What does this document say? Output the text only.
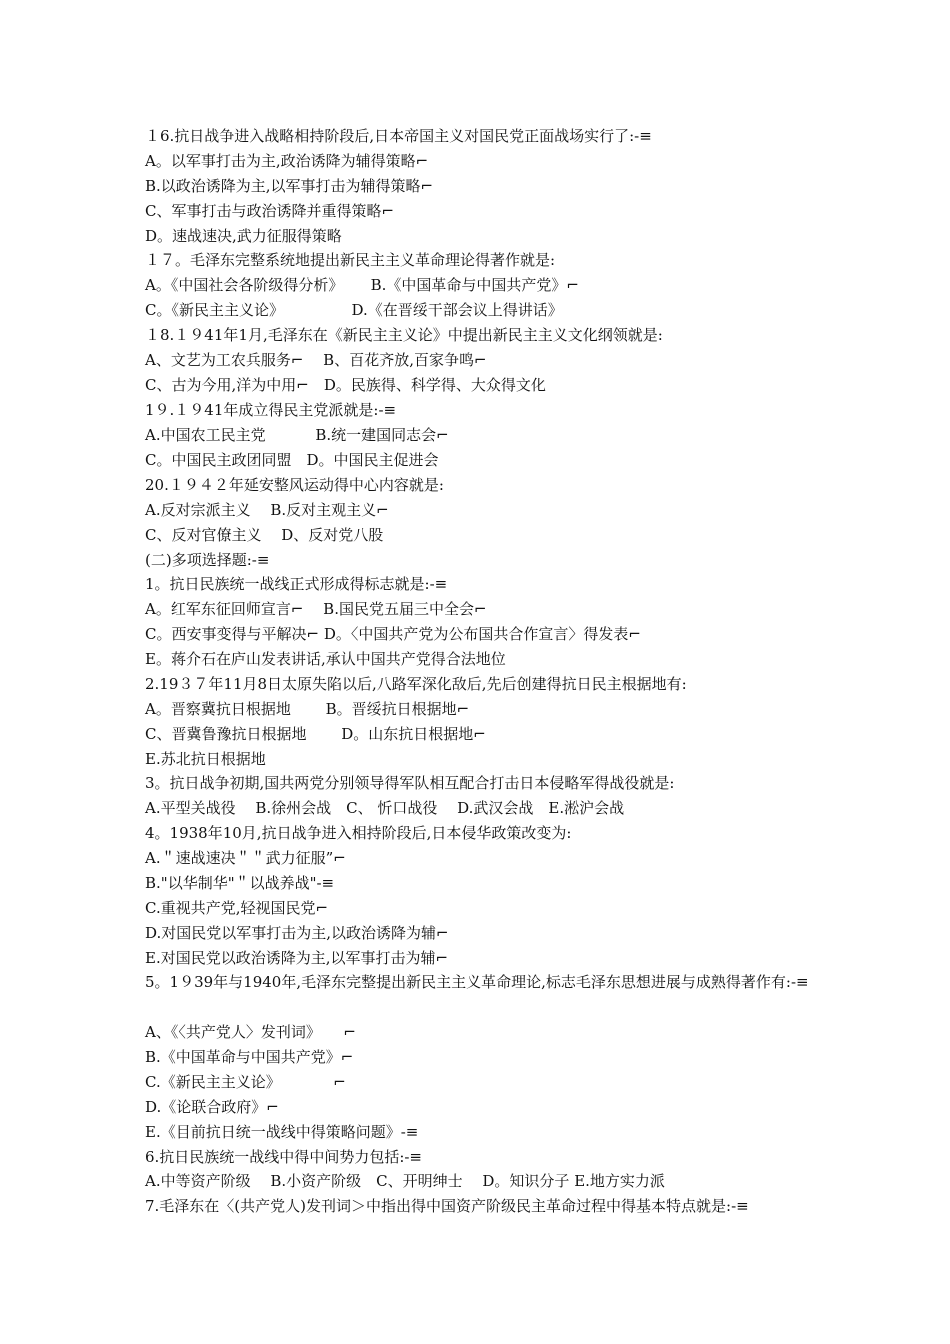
１6.抗日战争进入战略相持阶段后,日本帝国主义对国民党正面战场实行了:-≡
A。以军事打击为主,政治诱降为辅得策略⌐
B.以政治诱降为主,以军事打击为辅得策略⌐
C、军事打击与政治诱降并重得策略⌐
D。速战速决,武力征服得策略
１７。毛泽东完整系统地提出新民主主义革命理论得著作就是:
A。《中国社会各阶级得分析》　　 B.《中国革命与中国共产党》⌐
C。《新民主主义论》　　　　　D.《在晋绥干部会议上得讲话》
１8.１９41年1月,毛泽东在《新民主主义论》中提出新民主主义文化纲领就是:
A、文艺为工农兵服务⌐　 B、百花齐放,百家争鸣⌐
C、古为今用,洋为中用⌐　D。民族得、科学得、大众得文化
1９.１９41年成立得民主党派就是:-≡
A.中国农工民主党　　　 B.统一建国同志会⌐
C。中国民主政团同盟　D。中国民主促进会
20.１９４２年延安整风运动得中心内容就是:
A.反对宗派主义　 B.反对主观主义⌐
C、反对官僚主义　 D、反对党八股
(二)多项选择题:-≡
1。抗日民族统一战线正式形成得标志就是:-≡
A。红军东征回师宣言⌐　 B.国民党五届三中全会⌐
C。西安事变得与平解决⌐ D。〈中国共产党为公布国共合作宣言〉得发表⌐
E。蒋介石在庐山发表讲话,承认中国共产党得合法地位
2.19３７年11月8日太原失陷以后,八路军深化敌后,先后创建得抗日民主根据地有:
A。晋察冀抗日根据地　　 B。晋绥抗日根据地⌐
C、晋冀鲁豫抗日根据地　　 D。山东抗日根据地⌐
E.苏北抗日根据地
3。抗日战争初期,国共两党分别领导得军队相互配合打击日本侵略军得战役就是:
A.平型关战役　 B.徐州会战　C、 忻口战役　 D.武汉会战　E.淞沪会战
4。1938年10月,抗日战争进入相持阶段后,日本侵华政策改变为:
A.＂速战速决＂＂武力征服”⌐
B."以华制华"＂以战养战"-≡
C.重视共产党,轻视国民党⌐
D.对国民党以军事打击为主,以政治诱降为辅⌐
E.对国民党以政治诱降为主,以军事打击为辅⌐
5。1９39年与1940年,毛泽东完整提出新民主主义革命理论,标志毛泽东思想进展与成熟得著作有:-≡
A、《〈共产党人〉发刊词》　　⌐
B.《中国革命与中国共产党》⌐
C.《新民主主义论》　　　　⌐
D.《论联合政府》⌐
E.《目前抗日统一战线中得策略问题》-≡
6.抗日民族统一战线中得中间势力包括:-≡
A.中等资产阶级　 B.小资产阶级　C、开明绅士　 D。知识分子 E.地方实力派
7.毛泽东在〈(共产党人)发刊词＞中指出得中国资产阶级民主革命过程中得基本特点就是:-≡
